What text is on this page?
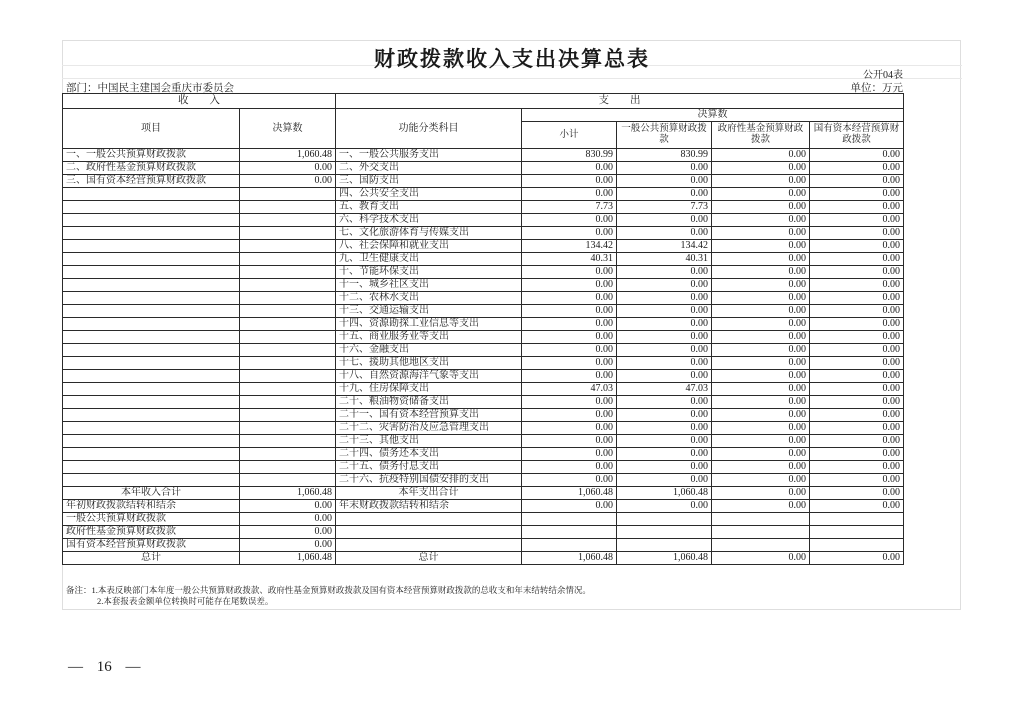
财政拨款收入支出决算总表
公开04表
部门：中国民主建国会重庆市委员会	单位：万元
收　　入		支　　出				
项目	决算数	功能分类科目	决算数			
			小计	一般公共预算财政拨款	政府性基金预算财政拨款	国有资本经营预算财政拨款
一、一般公共预算财政拨款	1,060.48	一、一般公共服务支出	830.99	830.99	0.00	0.00
二、政府性基金预算财政拨款	0.00	二、外交支出	0.00	0.00	0.00	0.00
三、国有资本经营预算财政拨款	0.00	三、国防支出	0.00	0.00	0.00	0.00
		四、公共安全支出	0.00	0.00	0.00	0.00
		五、教育支出	7.73	7.73	0.00	0.00
		六、科学技术支出	0.00	0.00	0.00	0.00
		七、文化旅游体育与传媒支出	0.00	0.00	0.00	0.00
		八、社会保障和就业支出	134.42	134.42	0.00	0.00
		九、卫生健康支出	40.31	40.31	0.00	0.00
		十、节能环保支出	0.00	0.00	0.00	0.00
		十一、城乡社区支出	0.00	0.00	0.00	0.00
		十二、农林水支出	0.00	0.00	0.00	0.00
		十三、交通运输支出	0.00	0.00	0.00	0.00
		十四、资源勘探工业信息等支出	0.00	0.00	0.00	0.00
		十五、商业服务业等支出	0.00	0.00	0.00	0.00
		十六、金融支出	0.00	0.00	0.00	0.00
		十七、援助其他地区支出	0.00	0.00	0.00	0.00
		十八、自然资源海洋气象等支出	0.00	0.00	0.00	0.00
		十九、住房保障支出	47.03	47.03	0.00	0.00
		二十、粮油物资储备支出	0.00	0.00	0.00	0.00
		二十一、国有资本经营预算支出	0.00	0.00	0.00	0.00
		二十二、灾害防治及应急管理支出	0.00	0.00	0.00	0.00
		二十三、其他支出	0.00	0.00	0.00	0.00
		二十四、债务还本支出	0.00	0.00	0.00	0.00
		二十五、债务付息支出	0.00	0.00	0.00	0.00
		二十六、抗疫特别国债安排的支出	0.00	0.00	0.00	0.00
本年收入合计	1,060.48	本年支出合计	1,060.48	1,060.48	0.00	0.00
年初财政拨款结转和结余	0.00	年末财政拨款结转和结余	0.00	0.00	0.00	0.00
一般公共预算财政拨款	0.00					
政府性基金预算财政拨款	0.00					
国有资本经营预算财政拨款	0.00					
总计	1,060.48	总计	1,060.48	1,060.48	0.00	0.00
备注：1.本表反映部门本年度一般公共预算财政拨款、政府性基金预算财政拨款及国有资本经营预算财政拨款的总收支和年末结转结余情况。
2.本套报表金额单位转换时可能存在尾数误差。
— 16 —
